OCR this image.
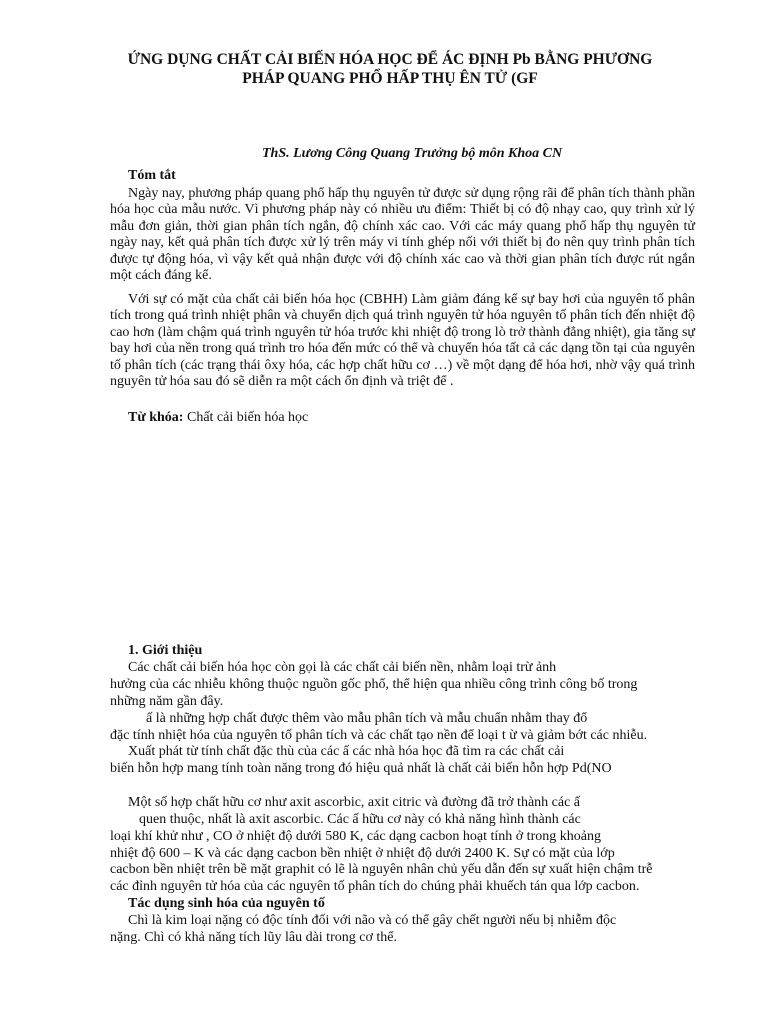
ỨNG DỤNG CHẤT CẢI BIẾN HÓA HỌC ĐỂ ÁC ĐỊNH Pb BẰNG PHƯƠNG
PHÁP QUANG PHỔ HẤP THỤ ÊN TỬ (GF
ThS. Lương Công Quang Trưởng bộ môn Khoa CN
Tóm tắt
Ngày nay, phương pháp quang phổ hấp thụ nguyên tử được sử dụng rộng rãi để phân tích thành phần hóa học của mẫu nước. Vì phương pháp này có nhiều ưu điểm: Thiết bị có độ nhạy cao, quy trình xử lý mẫu đơn giản, thời gian phân tích ngắn, độ chính xác cao. Với các máy quang phổ hấp thụ nguyên tử ngày nay, kết quả phân tích được xử lý trên máy vi tính ghép nối với thiết bị đo nên quy trình phân tích được tự động hóa, vì vậy kết quả nhận được với độ chính xác cao và thời gian phân tích được rút ngắn một cách đáng kể.
Với sự có mặt của chất cải biến hóa học (CBHH) Làm giảm đáng kể sự bay hơi của nguyên tố phân tích trong quá trình nhiệt phân và chuyển dịch quá trình nguyên tử hóa nguyên tố phân tích đến nhiệt độ cao hơn (làm chậm quá trình nguyên tử hóa trước khi nhiệt độ trong lò trở thành đẳng nhiệt), gia tăng sự bay hơi của nền trong quá trình tro hóa đến mức có thể và chuyển hóa tất cả các dạng tồn tại của nguyên tố phân tích (các trạng thái ôxy hóa, các hợp chất hữu cơ …) về một dạng để hóa hơi, nhờ vậy quá trình nguyên tử hóa sau đó sẽ diễn ra một cách ổn định và triệt để .
Từ khóa: Chất cải biến hóa học
1. Giới thiệu
Các chất cải biến hóa học còn gọi là các chất cải biến nền, nhằm loại trừ ảnh
hưởng của các nhiễu không thuộc nguồn gốc phổ, thể hiện qua nhiều công trình công bố trong
những năm gần đây.
ấ là những hợp chất được thêm vào mẫu phân tích và mẫu chuẩn nhằm thay đổ
đặc tính nhiệt hóa của nguyên tố phân tích và các chất tạo nền để loại t ừ và giảm bớt các nhiễu.
Xuất phát từ tính chất đặc thù của các ấ các nhà hóa học đã tìm ra các chất cải
biến hỗn hợp mang tính toàn năng trong đó hiệu quả nhất là chất cải biến hỗn hợp Pd(NO
Một số hợp chất hữu cơ như axit ascorbic, axit citric và đường đã trở thành các ấ
quen thuộc, nhất là axit ascorbic. Các ấ hữu cơ này có khả năng hình thành các
loại khí khử như , CO ở nhiệt độ dưới 580 K, các dạng cacbon hoạt tính ở trong khoảng
nhiệt độ 600 – K và các dạng cacbon bền nhiệt ở nhiệt độ dưới 2400 K. Sự có mặt của lớp
cacbon bền nhiệt trên bề mặt graphit có lẽ là nguyên nhân chủ yếu dẫn đến sự xuất hiện chậm trễ
các đỉnh nguyên tử hóa của các nguyên tố phân tích do chúng phải khuếch tán qua lớp cacbon.
Tác dụng sinh hóa của nguyên tố
Chì là kim loại nặng có độc tính đối với não và có thể gây chết người nếu bị nhiễm độc
nặng. Chì có khả năng tích lũy lâu dài trong cơ thể.
